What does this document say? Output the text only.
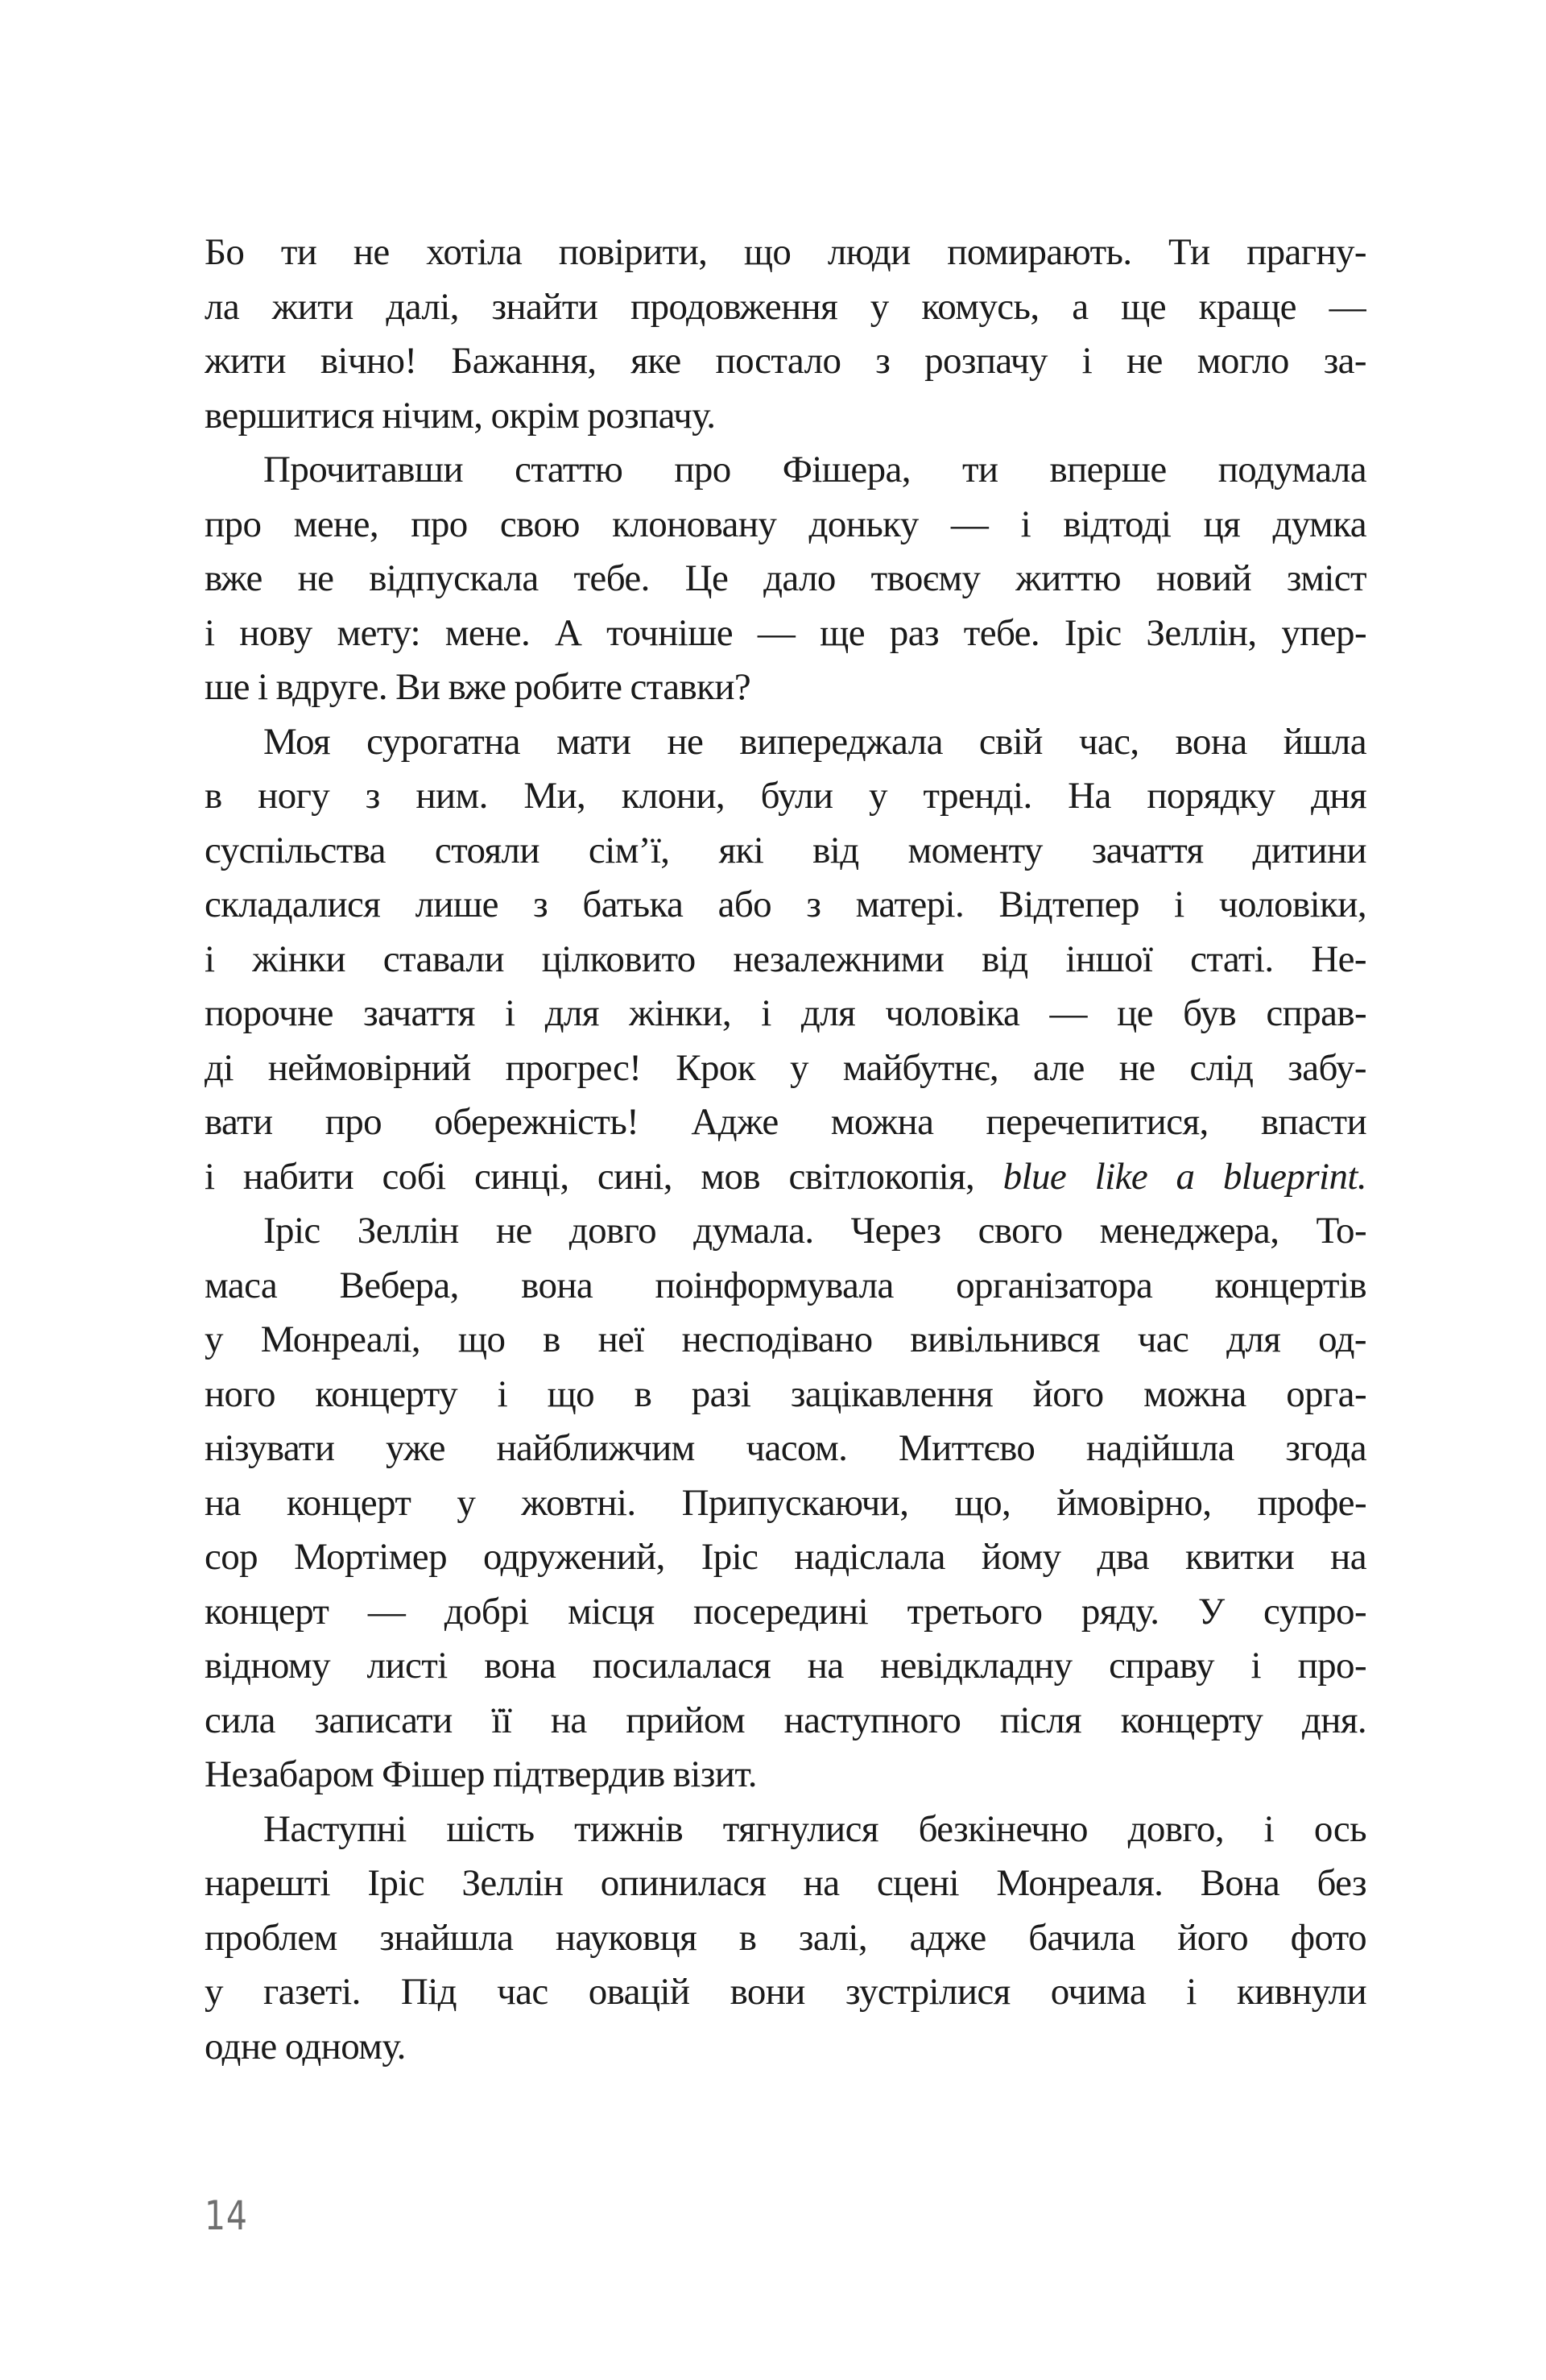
Бо ти не хотіла повірити, що люди помирають. Ти прагну-
ла жити далі, знайти продовження у комусь, а ще краще —
жити вічно! Бажання, яке постало з розпачу і не могло за-
вершитися нічим, окрім розпачу.
Прочитавши статтю про Фішера, ти вперше подумала
про мене, про свою клоновану доньку — і відтоді ця думка
вже не відпускала тебе. Це дало твоєму життю новий зміст
і нову мету: мене. А точніше — ще раз тебе. Іріс Зеллін, упер-
ше і вдруге. Ви вже робите ставки?
Моя сурогатна мати не випереджала свій час, вона йшла
в ногу з ним. Ми, клони, були у тренді. На порядку дня
суспільства стояли сім’ї, які від моменту зачаття дитини
складалися лише з батька або з матері. Відтепер і чоловіки,
і жінки ставали цілковито незалежними від іншої статі. Не-
порочне зачаття і для жінки, і для чоловіка — це був справ-
ді неймовірний прогрес! Крок у майбутнє, але не слід забу-
вати про обережність! Адже можна перечепитися, впасти
і набити собі синці, сині, мов світлокопія, blue like a blueprint.
Іріс Зеллін не довго думала. Через свого менеджера, То-
маса Вебера, вона поінформувала організатора концертів
у Монреалі, що в неї несподівано вивільнився час для од-
ного концерту і що в разі зацікавлення його можна орга-
нізувати уже найближчим часом. Миттєво надійшла згода
на концерт у жовтні. Припускаючи, що, ймовірно, профе-
сор Мортімер одружений, Іріс надіслала йому два квитки на
концерт — добрі місця посередині третього ряду. У супро-
відному листі вона посилалася на невідкладну справу і про-
сила записати її на прийом наступного після концерту дня.
Незабаром Фішер підтвердив візит.
Наступні шість тижнів тягнулися безкінечно довго, і ось
нарешті Іріс Зеллін опинилася на сцені Монреаля. Вона без
проблем знайшла науковця в залі, адже бачила його фото
у газеті. Під час овацій вони зустрілися очима і кивнули
одне одному.
14
